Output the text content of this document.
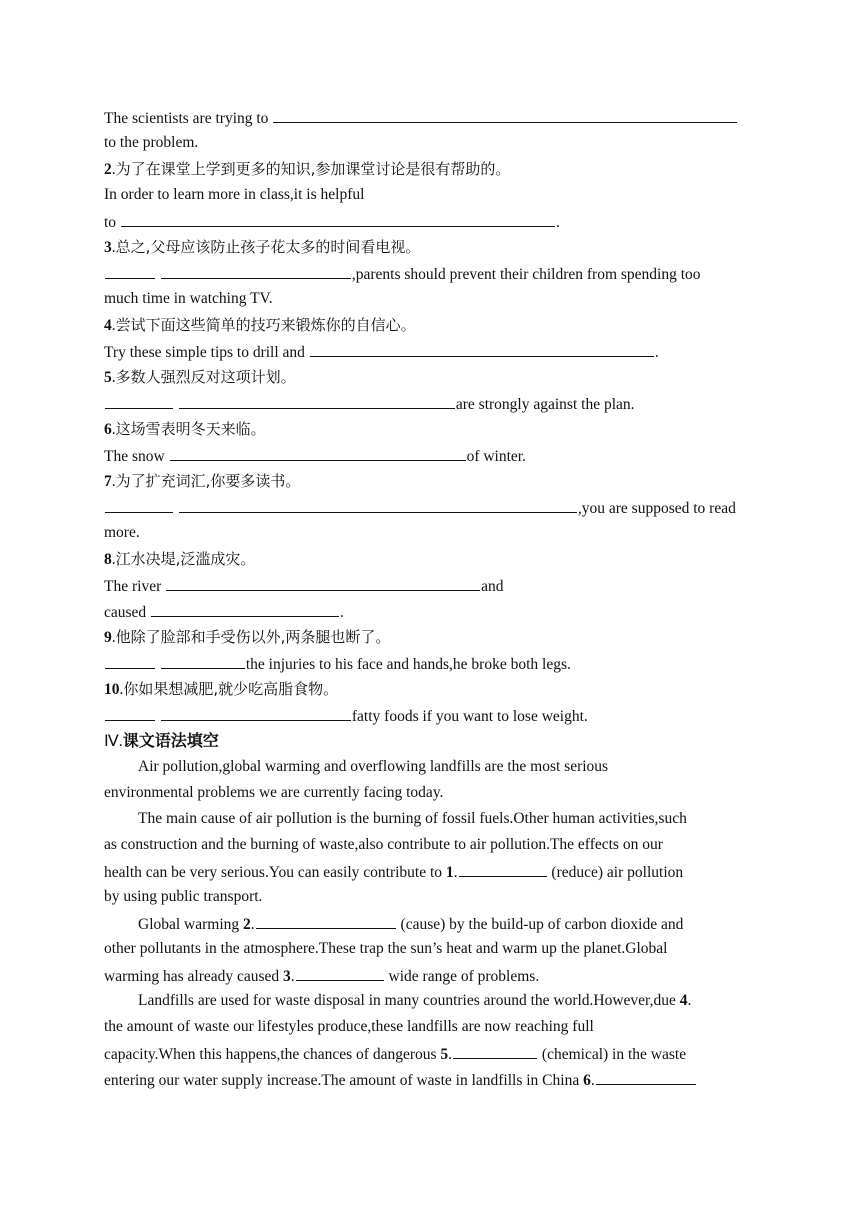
The scientists are trying to
to the problem.
2.为了在课堂上学到更多的知识,参加课堂讨论是很有帮助的。
In order to learn more in class,it is helpful
to	.
3.总之,父母应该防止孩子花太多的时间看电视。
,parents should prevent their children from spending too
much time in watching TV.
4.尝试下面这些简单的技巧来锻炼你的自信心。
Try these simple tips to drill and	.
5.多数人强烈反对这项计划。
are strongly against the plan.
6.这场雪表明冬天来临。
The snow	of winter.
7.为了扩充词汇,你要多读书。
,you are supposed to read
more.
8.江水决堤,泛滥成灾。
The river	and
caused	.
9.他除了脸部和手受伤以外,两条腿也断了。
the injuries to his face and hands,he broke both legs.
10.你如果想减肥,就少吃高脂食物。
fatty foods if you want to lose weight.
Ⅳ.课文语法填空
Air pollution,global warming and overflowing landfills are the most serious
environmental problems we are currently facing today.
The main cause of air pollution is the burning of fossil fuels.Other human activities,such
as construction and the burning of waste,also contribute to air pollution.The effects on our
health can be very serious.You can easily contribute to 1.	(reduce) air pollution
by using public transport.
Global warming 2.	(cause) by the build-up of carbon dioxide and
other pollutants in the atmosphere.These trap the sun’s heat and warm up the planet.Global
warming has already caused 3.	wide range of problems.
Landfills are used for waste disposal in many countries around the world.However,due 4.
the amount of waste our lifestyles produce,these landfills are now reaching full
capacity.When this happens,the chances of dangerous 5.	(chemical) in the waste
entering our water supply increase.The amount of waste in landfills in China 6.
